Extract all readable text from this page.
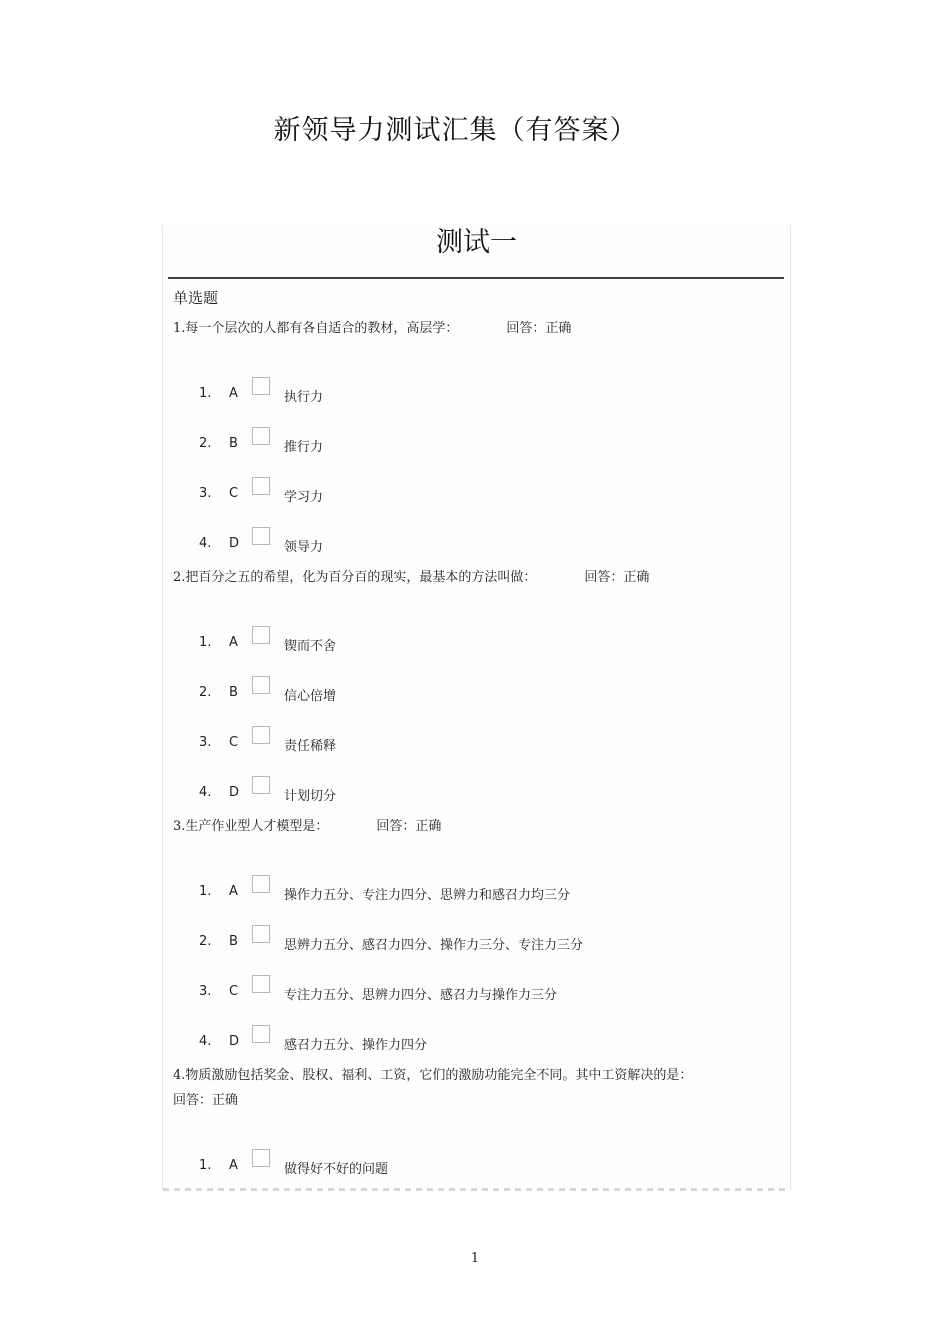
新领导力测试汇集（有答案）
测试一
单选题
1.每一个层次的人都有各自适合的教材，高层学：	回答：正确
1.	A	执行力
2.	B	推行力
3.	C	学习力
4.	D	领导力
2.把百分之五的希望，化为百分百的现实，最基本的方法叫做：	回答：正确
1.	A	锲而不舍
2.	B	信心倍增
3.	C	责任稀释
4.	D	计划切分
3.生产作业型人才模型是：	回答：正确
1.	A	操作力五分、专注力四分、思辨力和感召力均三分
2.	B	思辨力五分、感召力四分、操作力三分、专注力三分
3.	C	专注力五分、思辨力四分、感召力与操作力三分
4.	D	感召力五分、操作力四分
4.物质激励包括奖金、股权、福利、工资，它们的激励功能完全不同。其中工资解决的是：
回答：正确
1.	A	做得好不好的问题
1
